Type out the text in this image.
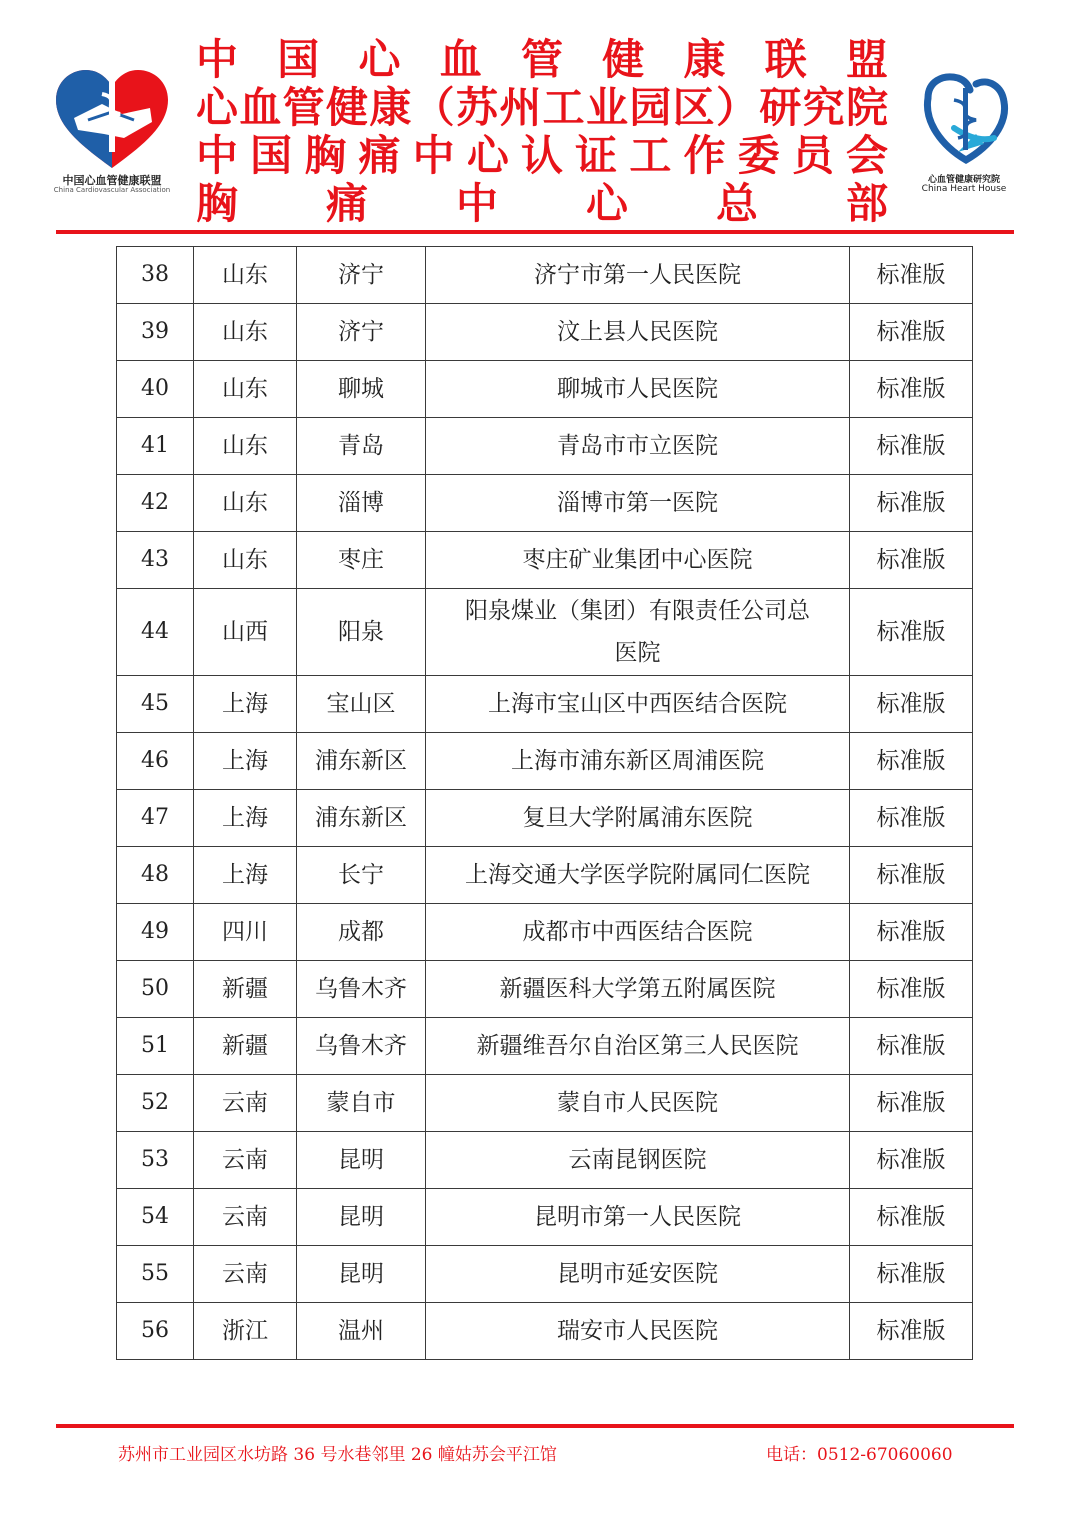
中国心血管健康联盟
China Cardiovascular Association
中国心血管健康联盟
心血管健康（苏州工业园区）研究院
中国胸痛中心认证工作委员会
胸痛中心总部	心血管健康研究院
China Heart House
38	山东	济宁	济宁市第一人民医院	标准版
39	山东	济宁	汶上县人民医院	标准版
40	山东	聊城	聊城市人民医院	标准版
41	山东	青岛	青岛市市立医院	标准版
42	山东	淄博	淄博市第一医院	标准版
43	山东	枣庄	枣庄矿业集团中心医院	标准版
44	山西	阳泉	阳泉煤业（集团）有限责任公司总医院	标准版
45	上海	宝山区	上海市宝山区中西医结合医院	标准版
46	上海	浦东新区	上海市浦东新区周浦医院	标准版
47	上海	浦东新区	复旦大学附属浦东医院	标准版
48	上海	长宁	上海交通大学医学院附属同仁医院	标准版
49	四川	成都	成都市中西医结合医院	标准版
50	新疆	乌鲁木齐	新疆医科大学第五附属医院	标准版
51	新疆	乌鲁木齐	新疆维吾尔自治区第三人民医院	标准版
52	云南	蒙自市	蒙自市人民医院	标准版
53	云南	昆明	云南昆钢医院	标准版
54	云南	昆明	昆明市第一人民医院	标准版
55	云南	昆明	昆明市延安医院	标准版
56	浙江	温州	瑞安市人民医院	标准版
苏州市工业园区水坊路 36 号水巷邻里 26 幢姑苏会平江馆	电话：0512-67060060
